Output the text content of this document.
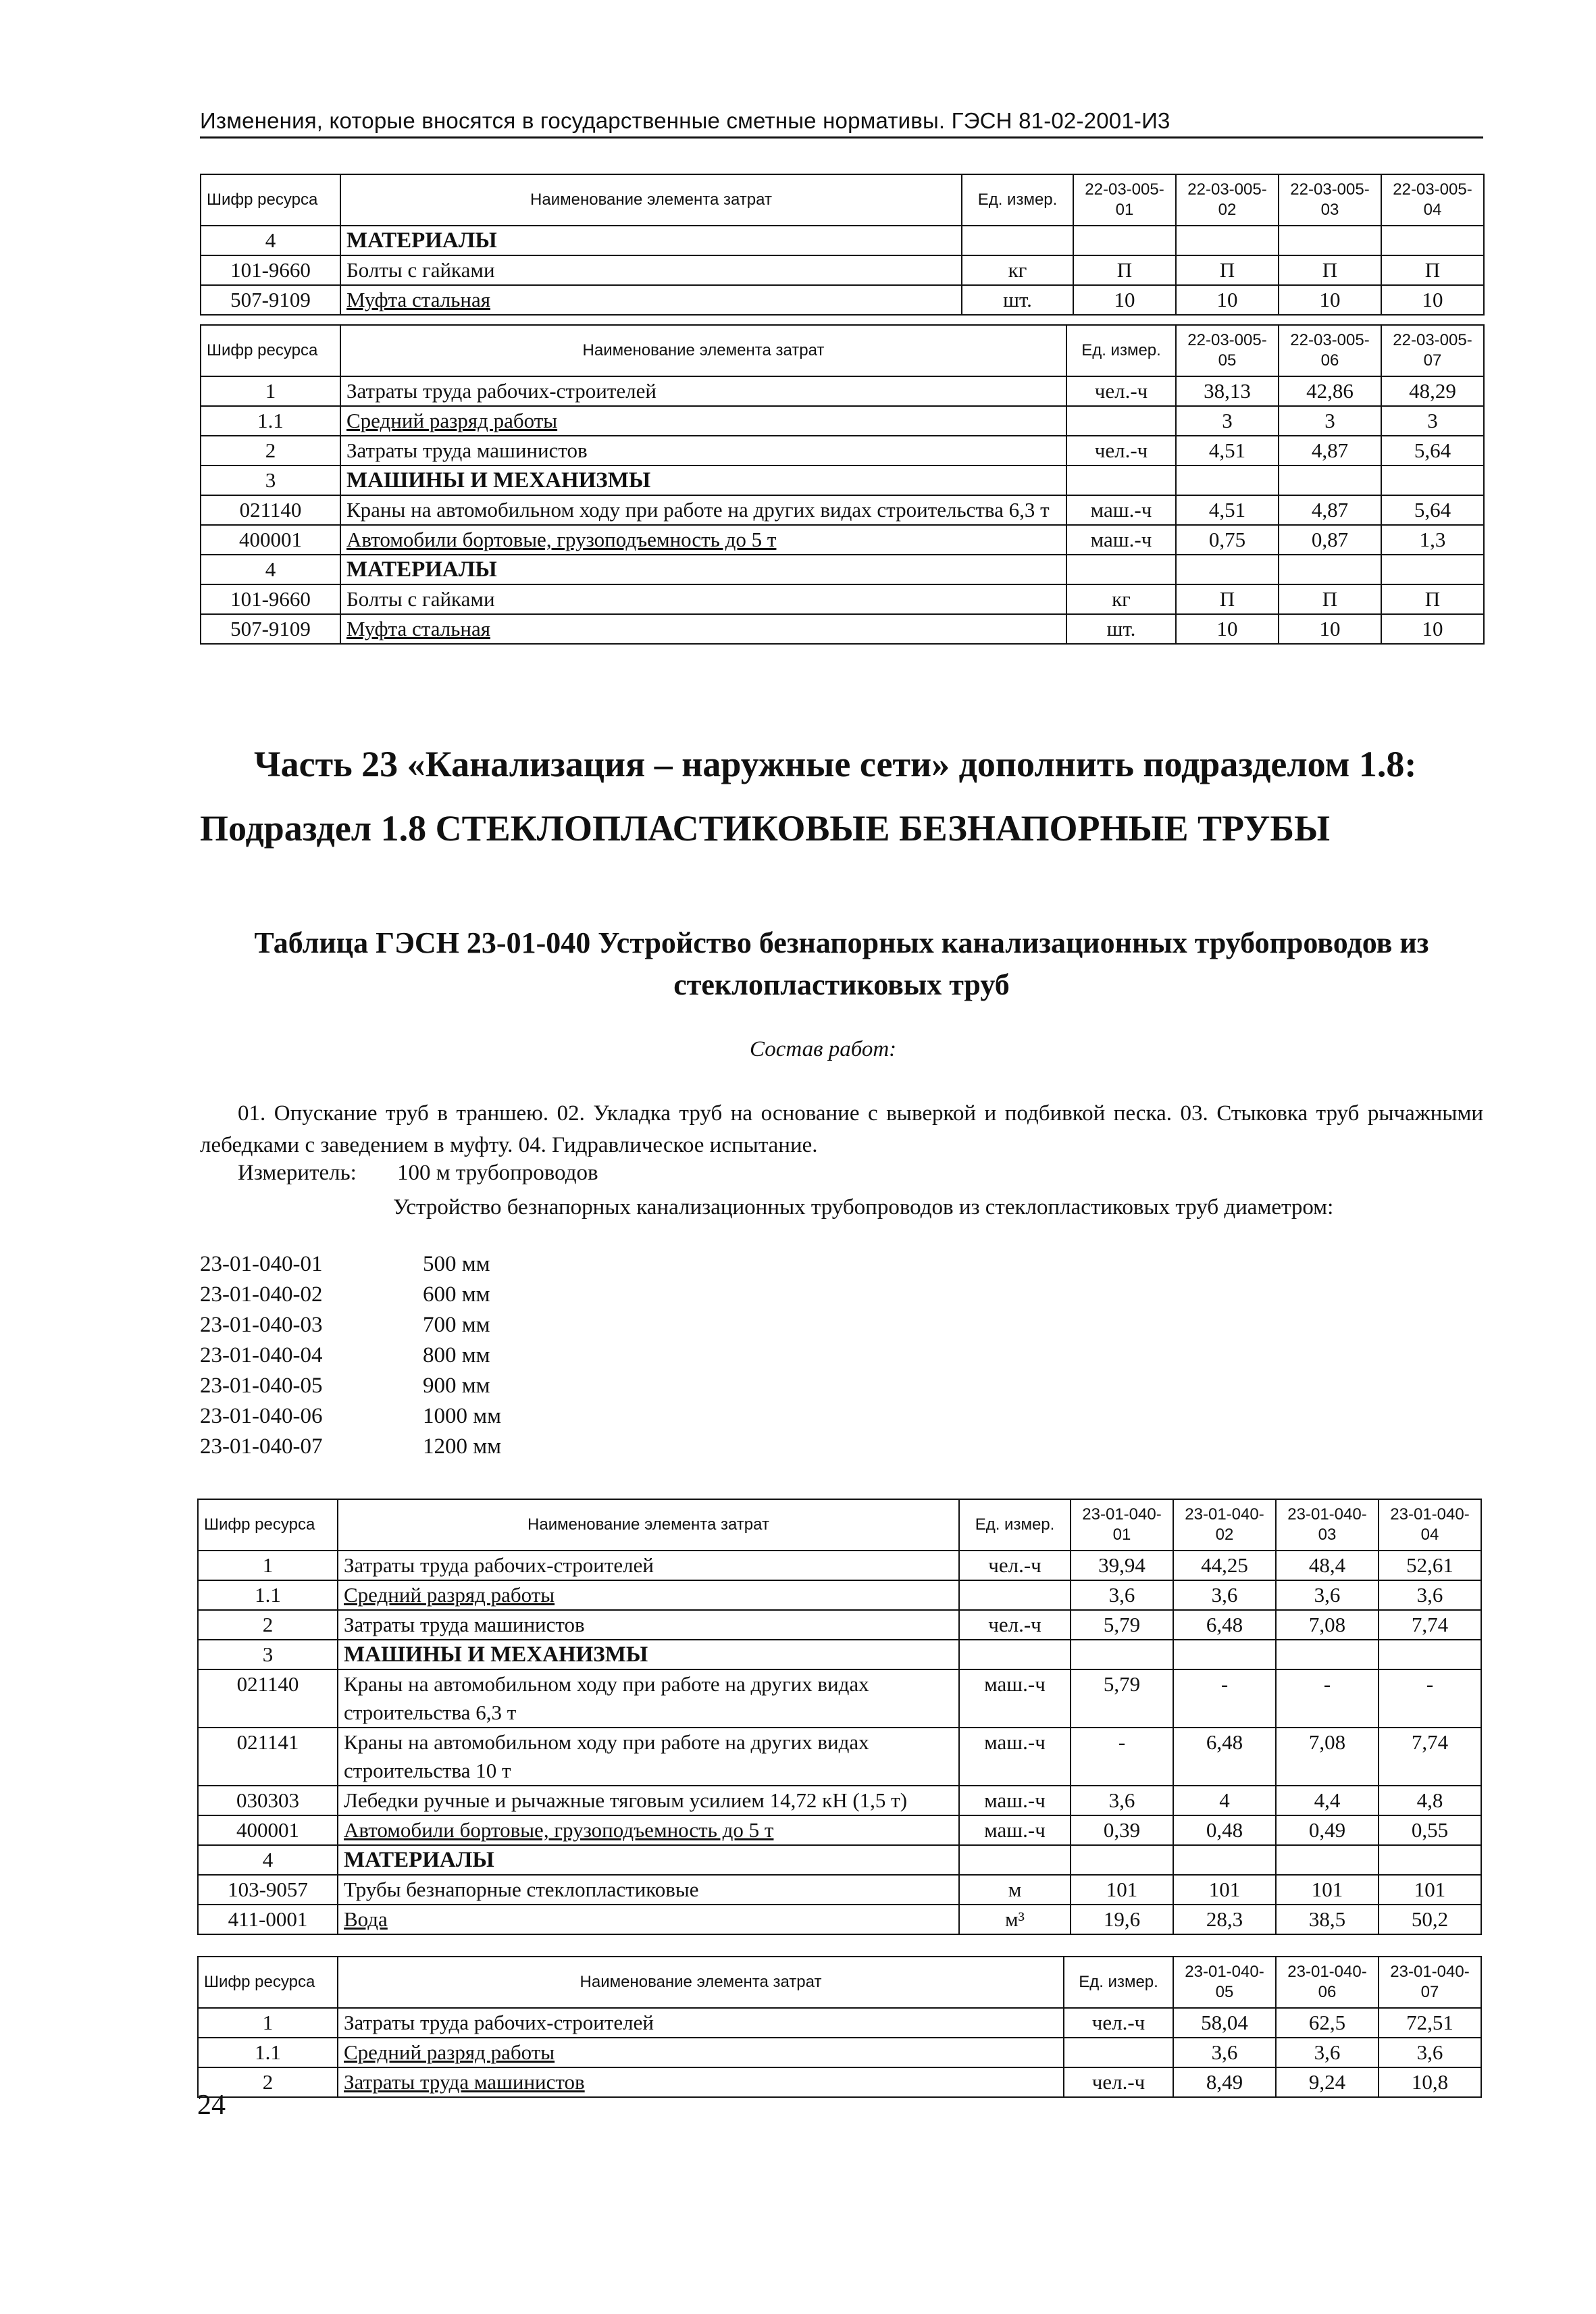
Изменения, которые вносятся в государственные сметные нормативы. ГЭСН 81-02-2001-И3
Шифр ресурса	Наименование элемента затрат	Ед. измер.	22-03-005-01	22-03-005-02	22-03-005-03	22-03-005-04
4	МАТЕРИАЛЫ					
101-9660	Болты с гайками	кг	П	П	П	П
507-9109	Муфта стальная	шт.	10	10	10	10
Шифр ресурса	Наименование элемента затрат	Ед. измер.	22-03-005-05	22-03-005-06	22-03-005-07
1	Затраты труда рабочих-строителей	чел.-ч	38,13	42,86	48,29
1.1	Средний разряд работы		3	3	3
2	Затраты труда машинистов	чел.-ч	4,51	4,87	5,64
3	МАШИНЫ И МЕХАНИЗМЫ				
021140	Краны на автомобильном ходу при работе на других видах строительства 6,3 т	маш.-ч	4,51	4,87	5,64
400001	Автомобили бортовые, грузоподъемность до 5 т	маш.-ч	0,75	0,87	1,3
4	МАТЕРИАЛЫ				
101-9660	Болты с гайками	кг	П	П	П
507-9109	Муфта стальная	шт.	10	10	10
Часть 23 «Канализация – наружные сети» дополнить подразделом 1.8:
Подраздел 1.8 СТЕКЛОПЛАСТИКОВЫЕ БЕЗНАПОРНЫЕ ТРУБЫ
Таблица ГЭСН 23-01-040 Устройство безнапорных канализационных трубопроводов из стеклопластиковых труб
Состав работ:
01. Опускание труб в траншею. 02. Укладка труб на основание с выверкой и подбивкой песка. 03. Стыковка труб рычажными лебедками с заведением в муфту. 04. Гидравлическое испытание.
Измеритель: 100 м трубопроводов
Устройство безнапорных канализационных трубопроводов из стеклопластиковых труб диаметром:
23-01-040-01	500 мм
23-01-040-02	600 мм
23-01-040-03	700 мм
23-01-040-04	800 мм
23-01-040-05	900 мм
23-01-040-06	1000 мм
23-01-040-07	1200 мм
Шифр ресурса	Наименование элемента затрат	Ед. измер.	23-01-040-01	23-01-040-02	23-01-040-03	23-01-040-04
1	Затраты труда рабочих-строителей	чел.-ч	39,94	44,25	48,4	52,61
1.1	Средний разряд работы		3,6	3,6	3,6	3,6
2	Затраты труда машинистов	чел.-ч	5,79	6,48	7,08	7,74
3	МАШИНЫ И МЕХАНИЗМЫ					
021140	Краны на автомобильном ходу при работе на других видах строительства 6,3 т	маш.-ч	5,79	-	-	-
021141	Краны на автомобильном ходу при работе на других видах строительства 10 т	маш.-ч	-	6,48	7,08	7,74
030303	Лебедки ручные и рычажные тяговым усилием 14,72 кН (1,5 т)	маш.-ч	3,6	4	4,4	4,8
400001	Автомобили бортовые, грузоподъемность до 5 т	маш.-ч	0,39	0,48	0,49	0,55
4	МАТЕРИАЛЫ					
103-9057	Трубы безнапорные стеклопластиковые	м	101	101	101	101
411-0001	Вода	м³	19,6	28,3	38,5	50,2
Шифр ресурса	Наименование элемента затрат	Ед. измер.	23-01-040-05	23-01-040-06	23-01-040-07
1	Затраты труда рабочих-строителей	чел.-ч	58,04	62,5	72,51
1.1	Средний разряд работы		3,6	3,6	3,6
2	Затраты труда машинистов	чел.-ч	8,49	9,24	10,8
24
